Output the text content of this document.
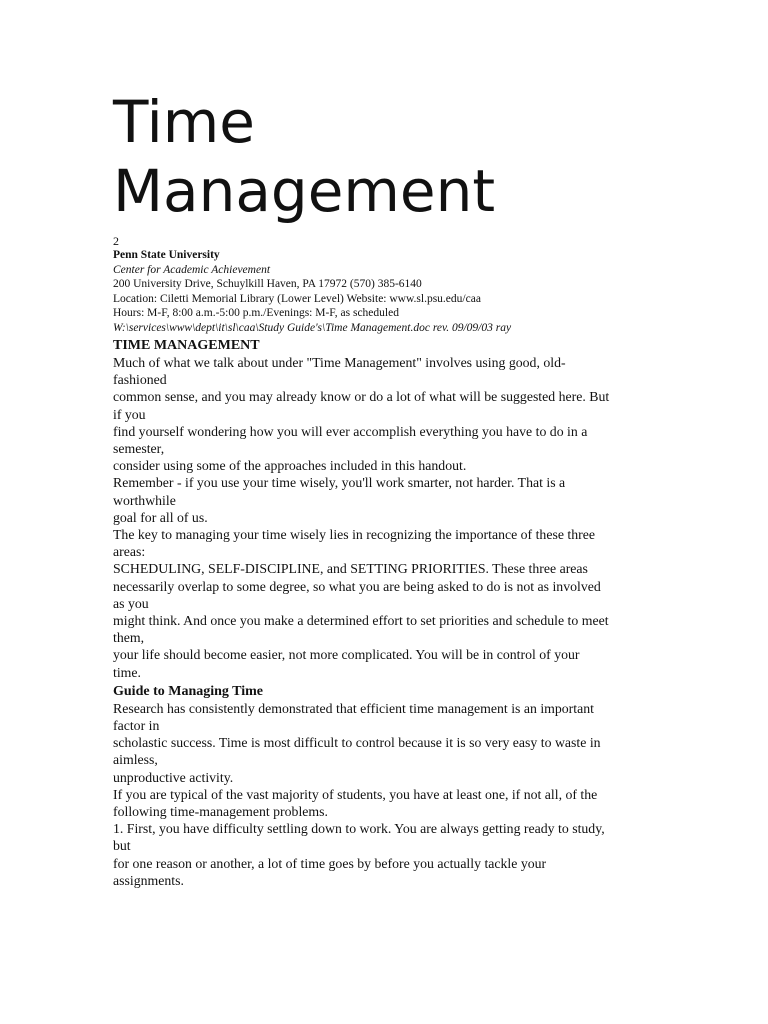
Time Management
2
Penn State University
Center for Academic Achievement
200 University Drive, Schuylkill Haven, PA 17972 (570) 385-6140
Location: Ciletti Memorial Library (Lower Level) Website: www.sl.psu.edu/caa
Hours: M-F, 8:00 a.m.-5:00 p.m./Evenings: M-F, as scheduled
W:\services\www\dept\it\sl\caa\Study Guide's\Time Management.doc rev. 09/09/03 ray
TIME MANAGEMENT
Much of what we talk about under "Time Management" involves using good, old-
fashioned
common sense, and you may already know or do a lot of what will be suggested here. But
if you
find yourself wondering how you will ever accomplish everything you have to do in a
semester,
consider using some of the approaches included in this handout.
Remember - if you use your time wisely, you'll work smarter, not harder. That is a
worthwhile
goal for all of us.
The key to managing your time wisely lies in recognizing the importance of these three
areas:
SCHEDULING, SELF-DISCIPLINE, and SETTING PRIORITIES. These three areas
necessarily overlap to some degree, so what you are being asked to do is not as involved
as you
might think. And once you make a determined effort to set priorities and schedule to meet
them,
your life should become easier, not more complicated. You will be in control of your
time.
Guide to Managing Time
Research has consistently demonstrated that efficient time management is an important
factor in
scholastic success. Time is most difficult to control because it is so very easy to waste in
aimless,
unproductive activity.
If you are typical of the vast majority of students, you have at least one, if not all, of the
following time-management problems.
1. First, you have difficulty settling down to work. You are always getting ready to study,
but
for one reason or another, a lot of time goes by before you actually tackle your
assignments.
